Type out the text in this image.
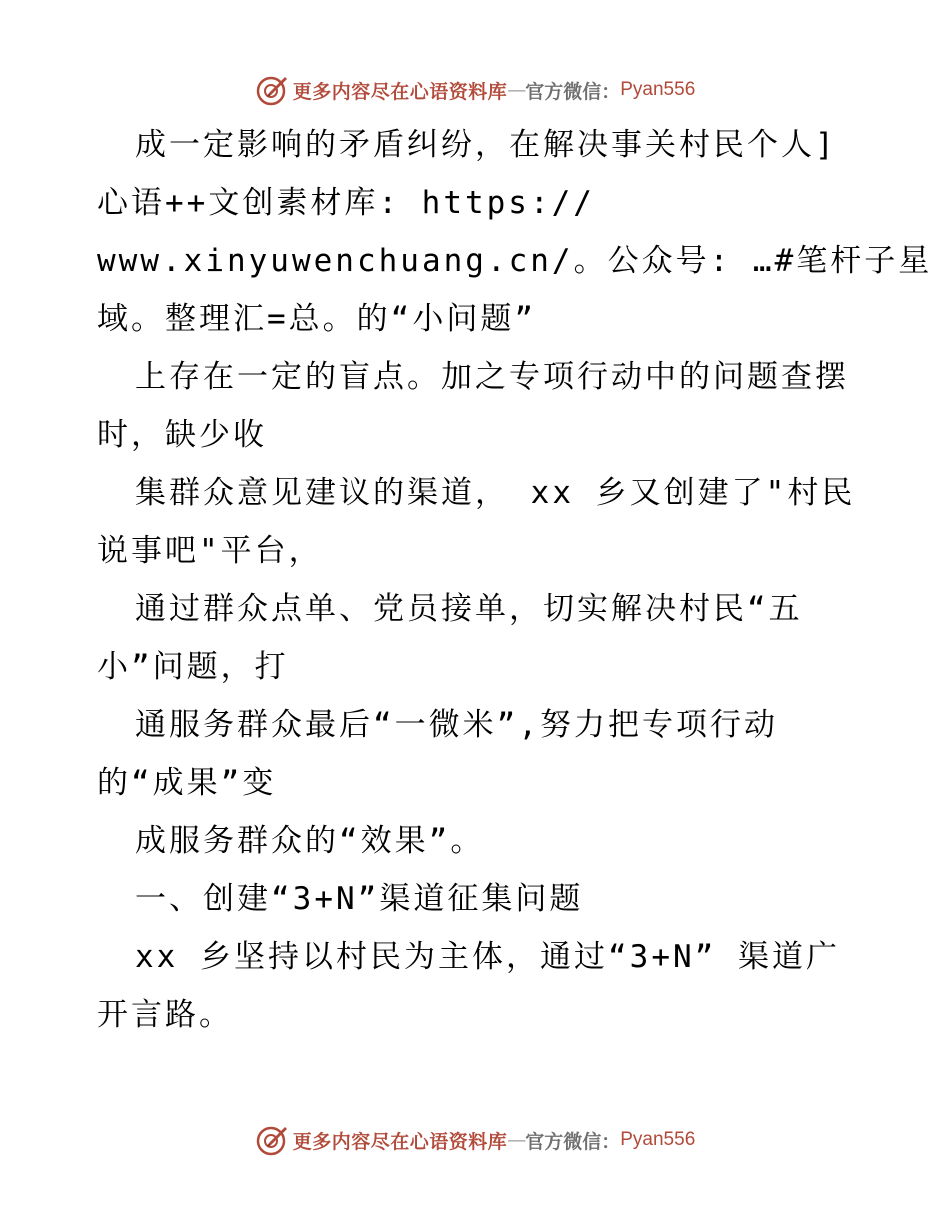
更多内容尽在心语资料库 — 官方微信： Pyan556
成一定影响的矛盾纠纷，在解决事关村民个人]
心语++文创素材库: https://
www.xinyuwenchuang.cn/。公众号: …#笔杆子星
域。整理汇=总。的“小问题”
上存在一定的盲点。加之专项行动中的问题查摆
时，缺少收
集群众意见建议的渠道， xx 乡又创建了"村民
说事吧"平台，
通过群众点单、党员接单，切实解决村民“五
小”问题，打
通服务群众最后“一微米”,努力把专项行动
的“成果”变
成服务群众的“效果”。
一、创建“3+N”渠道征集问题
xx 乡坚持以村民为主体，通过“3+N” 渠道广
开言路。
更多内容尽在心语资料库 — 官方微信： Pyan556
